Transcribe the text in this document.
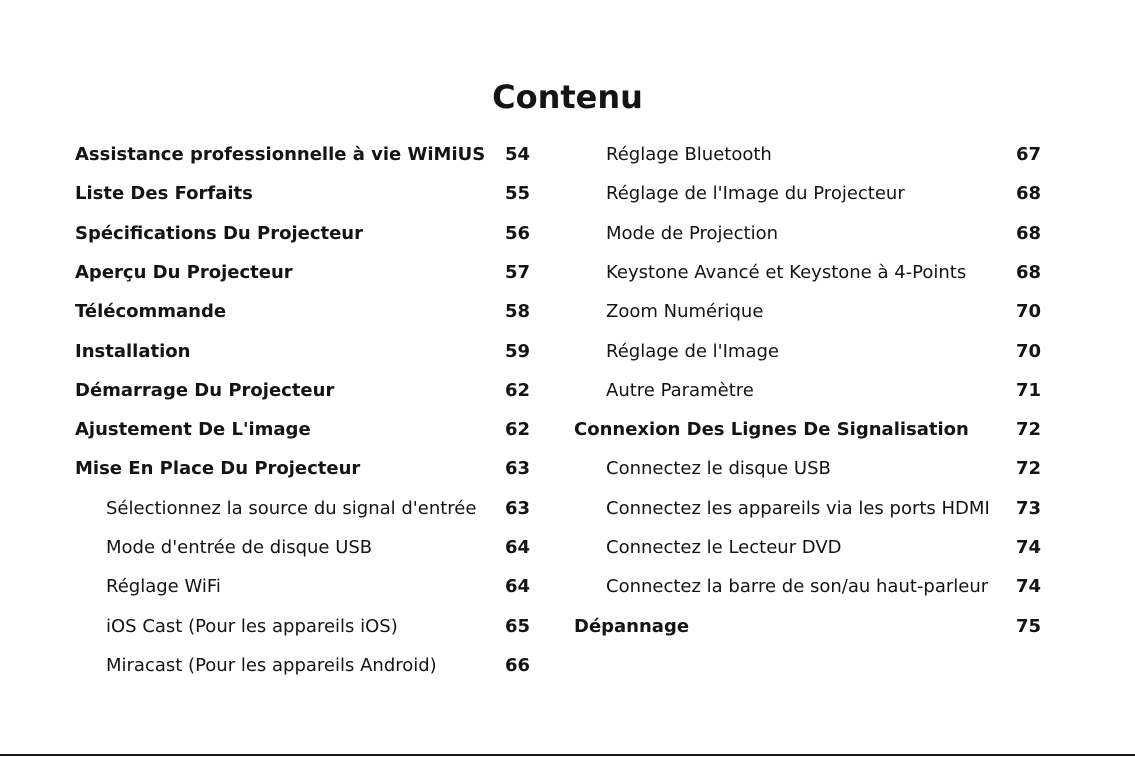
Contenu
Assistance professionnelle à vie WiMiUS 54
Liste Des Forfaits	55
Spécifications Du Projecteur	56
Aperçu Du Projecteur	57
Télécommande	58
Installation	59
Démarrage Du Projecteur	62
Ajustement De L'image	62
Mise En Place Du Projecteur	63
Sélectionnez la source du signal d'entrée 63
Mode d'entrée de disque USB	64
Réglage WiFi	64
iOS Cast (Pour les appareils iOS)	65
Miracast (Pour les appareils Android)	66
Réglage Bluetooth	67
Réglage de l'Image du Projecteur	68
Mode de Projection	68
Keystone Avancé et Keystone à 4-Points	68
Zoom Numérique	70
Réglage de l'Image	70
Autre Paramètre	71
Connexion Des Lignes De Signalisation	72
Connectez le disque USB	72
Connectez les appareils via les ports HDMI 73
Connectez le Lecteur DVD	74
Connectez la barre de son/au haut-parleur 74
Dépannage	75
